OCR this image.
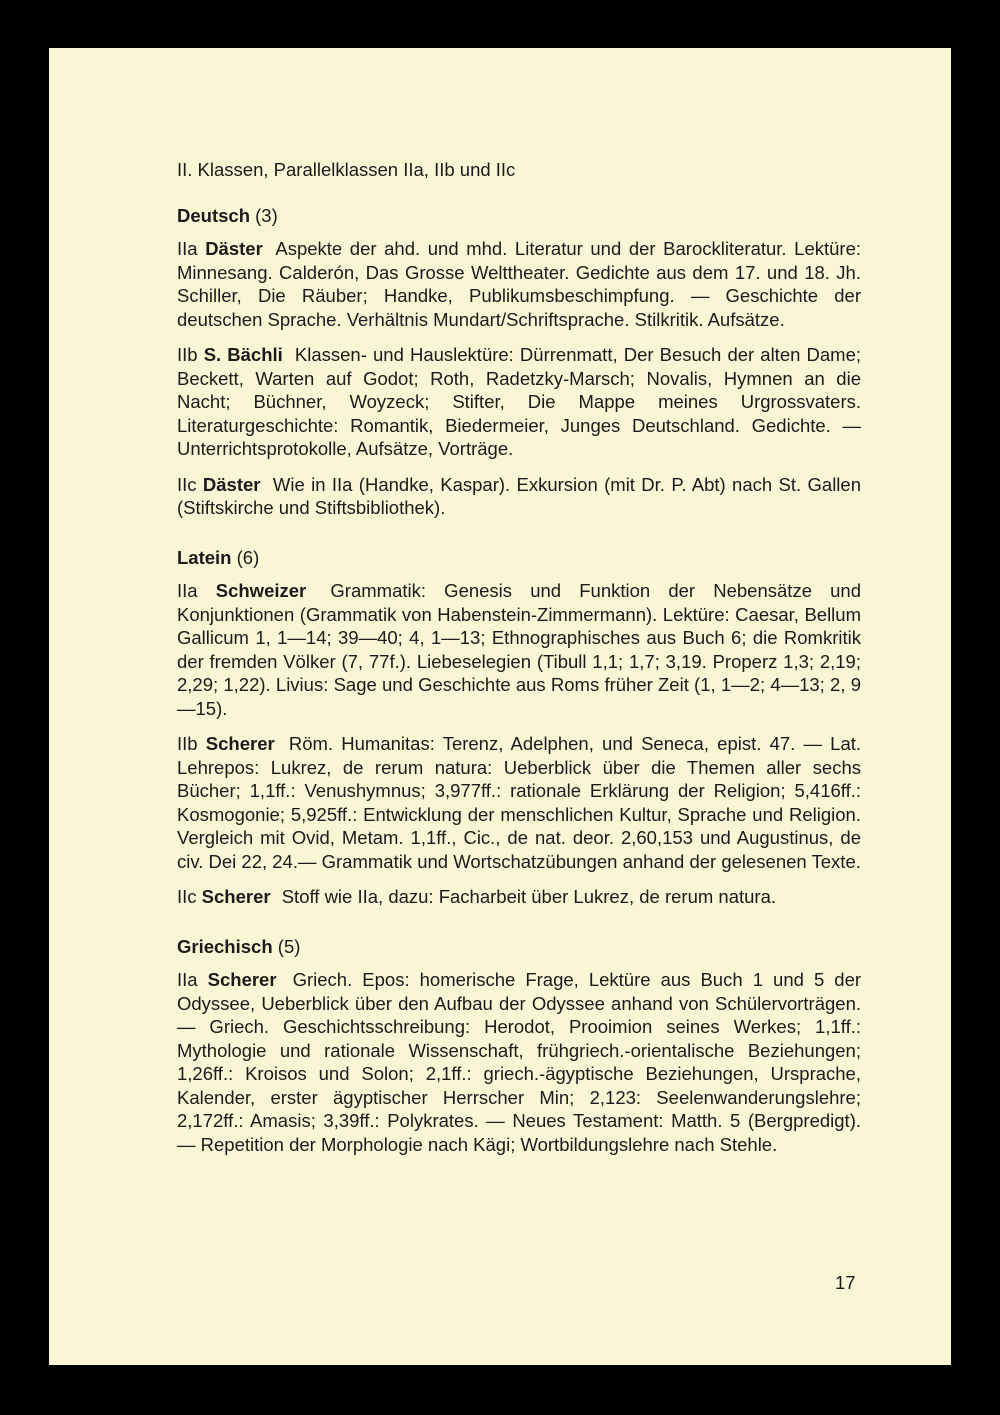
II. Klassen, Parallelklassen IIa, IIb und IIc

Deutsch (3)

IIa Däster Aspekte der ahd. und mhd. Literatur und der Barockliteratur. Lektüre: Minnesang. Calderón, Das Grosse Welttheater. Gedichte aus dem 17. und 18. Jh. Schiller, Die Räuber; Handke, Publikumsbeschimpfung. — Geschichte der deutschen Sprache. Verhältnis Mundart/Schriftsprache. Stilkritik. Aufsätze.

IIb S. Bächli Klassen- und Hauslektüre: Dürrenmatt, Der Besuch der alten Dame; Beckett, Warten auf Godot; Roth, Radetzky-Marsch; Novalis, Hymnen an die Nacht; Büchner, Woyzeck; Stifter, Die Mappe meines Urgrossvaters. Literaturgeschichte: Romantik, Biedermeier, Junges Deutschland. Gedichte. — Unterrichtsprotokolle, Aufsätze, Vorträge.

IIc Däster Wie in IIa (Handke, Kaspar). Exkursion (mit Dr. P. Abt) nach St. Gallen (Stiftskirche und Stiftsbibliothek).

Latein (6)

IIa Schweizer Grammatik: Genesis und Funktion der Nebensätze und Konjunktionen (Grammatik von Habenstein-Zimmermann). Lektüre: Caesar, Bellum Gallicum 1, 1—14; 39—40; 4, 1—13; Ethnographisches aus Buch 6; die Romkritik der fremden Völker (7, 77f.). Liebeselegien (Tibull 1,1; 1,7; 3,19. Properz 1,3; 2,19; 2,29; 1,22). Livius: Sage und Geschichte aus Roms früher Zeit (1, 1—2; 4—13; 2, 9—15).

IIb Scherer Röm. Humanitas: Terenz, Adelphen, und Seneca, epist. 47. — Lat. Lehrepos: Lukrez, de rerum natura: Ueberblick über die Themen aller sechs Bücher; 1,1ff.: Venushymnus; 3,977ff.: rationale Erklärung der Religion; 5,416ff.: Kosmogonie; 5,925ff.: Entwicklung der menschlichen Kultur, Sprache und Religion. Vergleich mit Ovid, Metam. 1,1ff., Cic., de nat. deor. 2,60,153 und Augustinus, de civ. Dei 22, 24.— Grammatik und Wortschatzübungen anhand der gelesenen Texte.

IIc Scherer Stoff wie IIa, dazu: Facharbeit über Lukrez, de rerum natura.

Griechisch (5)

IIa Scherer Griech. Epos: homerische Frage, Lektüre aus Buch 1 und 5 der Odyssee, Ueberblick über den Aufbau der Odyssee anhand von Schülervorträgen. — Griech. Geschichtsschreibung: Herodot, Prooimion seines Werkes; 1,1ff.: Mythologie und rationale Wissenschaft, frühgriech.-orientalische Beziehungen; 1,26ff.: Kroisos und Solon; 2,1ff.: griech.-ägyptische Beziehungen, Ursprache, Kalender, erster ägyptischer Herrscher Min; 2,123: Seelenwanderungslehre; 2,172ff.: Amasis; 3,39ff.: Polykrates. — Neues Testament: Matth. 5 (Bergpredigt). — Repetition der Morphologie nach Kägi; Wortbildungslehre nach Stehle.

17
